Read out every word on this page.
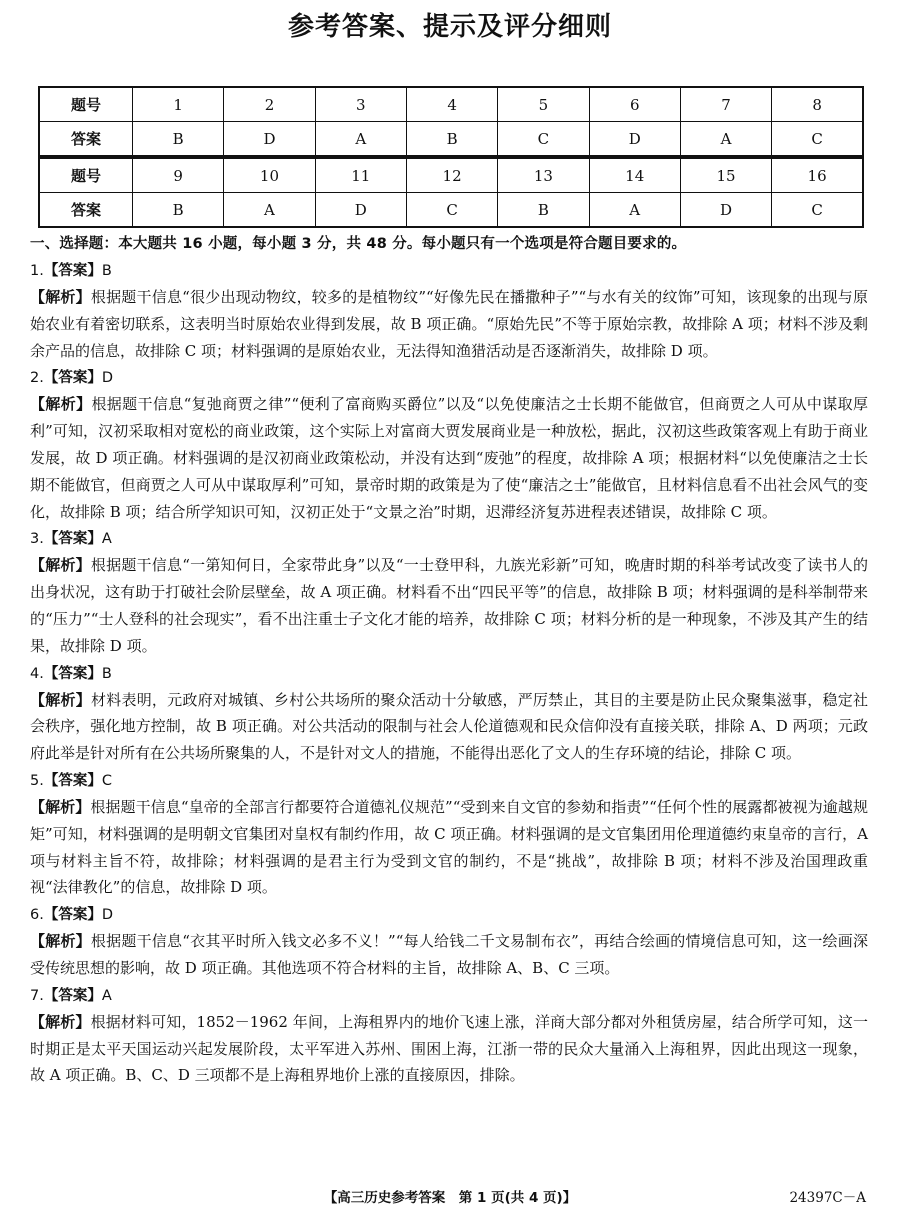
参考答案、提示及评分细则
题号	1	2	3	4	5	6	7	8
答案	B	D	A	B	C	D	A	C
题号	9	10	11	12	13	14	15	16
答案	B	A	D	C	B	A	D	C
一、选择题：本大题共 16 小题，每小题 3 分，共 48 分。每小题只有一个选项是符合题目要求的。
1.【答案】B

【解析】根据题干信息“很少出现动物纹，较多的是植物纹”“好像先民在播撒种子”“与水有关的纹饰”可知，该现象的出现与原始农业有着密切联系，这表明当时原始农业得到发展，故 B 项正确。“原始先民”不等于原始宗教，故排除 A 项；材料不涉及剩余产品的信息，故排除 C 项；材料强调的是原始农业，无法得知渔猎活动是否逐渐消失，故排除 D 项。

2.【答案】D

【解析】根据题干信息“复弛商贾之律”“便利了富商购买爵位”以及“以免使廉洁之士长期不能做官，但商贾之人可从中谋取厚利”可知，汉初采取相对宽松的商业政策，这个实际上对富商大贾发展商业是一种放松，据此，汉初这些政策客观上有助于商业发展，故 D 项正确。材料强调的是汉初商业政策松动，并没有达到“废弛”的程度，故排除 A 项；根据材料“以免使廉洁之士长期不能做官，但商贾之人可从中谋取厚利”可知，景帝时期的政策是为了使“廉洁之士”能做官，且材料信息看不出社会风气的变化，故排除 B 项；结合所学知识可知，汉初正处于“文景之治”时期，迟滞经济复苏进程表述错误，故排除 C 项。

3.【答案】A

【解析】根据题干信息“一第知何日，全家带此身”以及“一士登甲科，九族光彩新”可知，晚唐时期的科举考试改变了读书人的出身状况，这有助于打破社会阶层壁垒，故 A 项正确。材料看不出“四民平等”的信息，故排除 B 项；材料强调的是科举制带来的“压力”“士人登科的社会现实”，看不出注重士子文化才能的培养，故排除 C 项；材料分析的是一种现象，不涉及其产生的结果，故排除 D 项。

4.【答案】B

【解析】材料表明，元政府对城镇、乡村公共场所的聚众活动十分敏感，严厉禁止，其目的主要是防止民众聚集滋事，稳定社会秩序，强化地方控制，故 B 项正确。对公共活动的限制与社会人伦道德观和民众信仰没有直接关联，排除 A、D 两项；元政府此举是针对所有在公共场所聚集的人，不是针对文人的措施，不能得出恶化了文人的生存环境的结论，排除 C 项。

5.【答案】C

【解析】根据题干信息“皇帝的全部言行都要符合道德礼仪规范”“受到来自文官的参劾和指责”“任何个性的展露都被视为逾越规矩”可知，材料强调的是明朝文官集团对皇权有制约作用，故 C 项正确。材料强调的是文官集团用伦理道德约束皇帝的言行，A 项与材料主旨不符，故排除；材料强调的是君主行为受到文官的制约，不是“挑战”，故排除 B 项；材料不涉及治国理政重视“法律教化”的信息，故排除 D 项。

6.【答案】D

【解析】根据题干信息“衣其平时所入钱文必多不义！”“每人给钱二千文易制布衣”，再结合绘画的情境信息可知，这一绘画深受传统思想的影响，故 D 项正确。其他选项不符合材料的主旨，故排除 A、B、C 三项。

7.【答案】A

【解析】根据材料可知，1852－1962 年间，上海租界内的地价飞速上涨，洋商大部分都对外租赁房屋，结合所学可知，这一时期正是太平天国运动兴起发展阶段，太平军进入苏州、围困上海，江浙一带的民众大量涌入上海租界，因此出现这一现象，故 A 项正确。B、C、D 三项都不是上海租界地价上涨的直接原因，排除。

【高三历史参考答案　第 1 页(共 4 页)】	24397C－A
